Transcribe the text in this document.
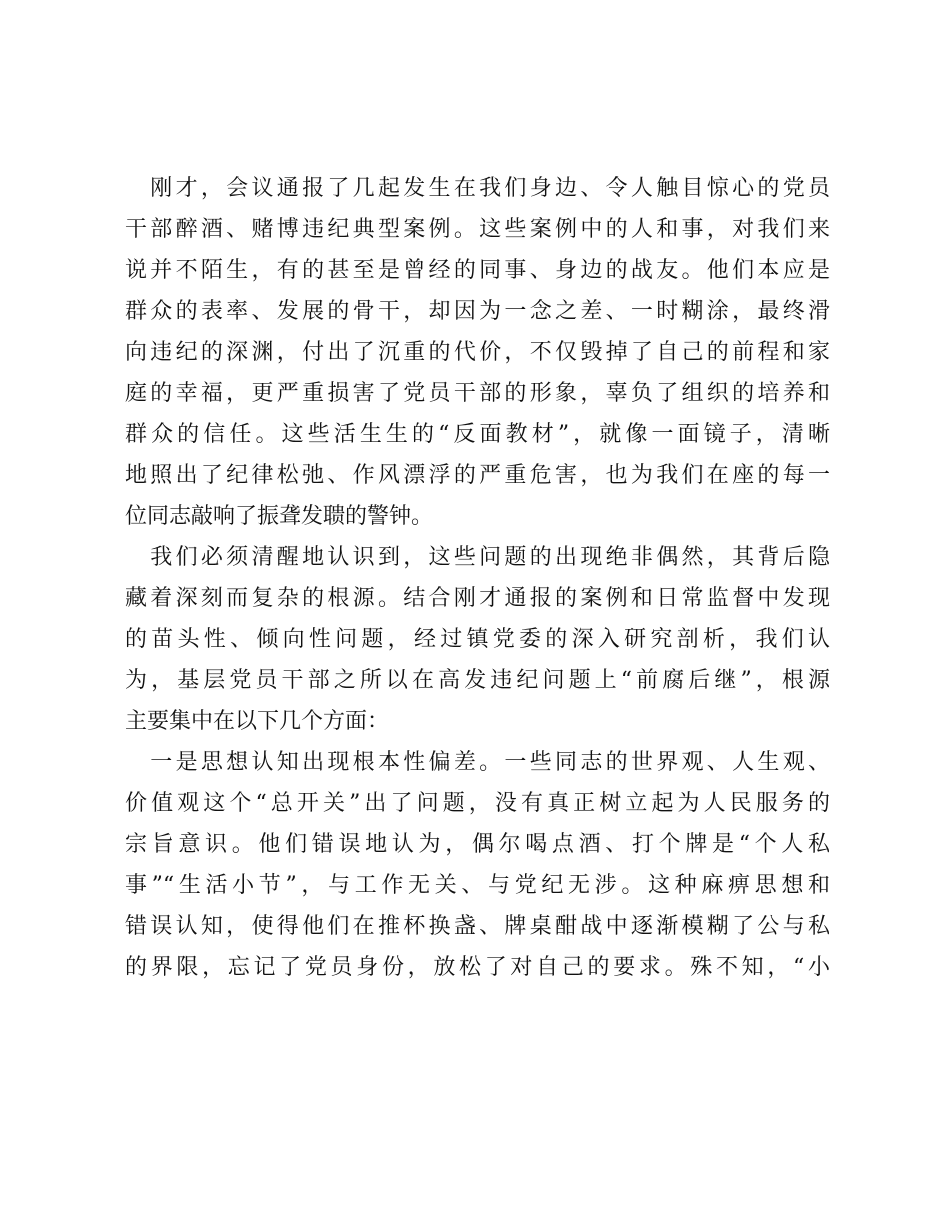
　刚才，会议通报了几起发生在我们身边、令人触目惊心的党员
干部醉酒、赌博违纪典型案例。这些案例中的人和事，对我们来
说并不陌生，有的甚至是曾经的同事、身边的战友。他们本应是
群众的表率、发展的骨干，却因为一念之差、一时糊涂，最终滑
向违纪的深渊，付出了沉重的代价，不仅毁掉了自己的前程和家
庭的幸福，更严重损害了党员干部的形象，辜负了组织的培养和
群众的信任。这些活生生的“反面教材”，就像一面镜子，清晰
地照出了纪律松弛、作风漂浮的严重危害，也为我们在座的每一
位同志敲响了振聋发聩的警钟。
　我们必须清醒地认识到，这些问题的出现绝非偶然，其背后隐
藏着深刻而复杂的根源。结合刚才通报的案例和日常监督中发现
的苗头性、倾向性问题，经过镇党委的深入研究剖析，我们认
为，基层党员干部之所以在高发违纪问题上“前腐后继”，根源
主要集中在以下几个方面：
　一是思想认知出现根本性偏差。一些同志的世界观、人生观、
价值观这个“总开关”出了问题，没有真正树立起为人民服务的
宗旨意识。他们错误地认为，偶尔喝点酒、打个牌是“个人私
事”“生活小节”，与工作无关、与党纪无涉。这种麻痹思想和
错误认知，使得他们在推杯换盏、牌桌酣战中逐渐模糊了公与私
的界限，忘记了党员身份，放松了对自己的要求。殊不知，“小
